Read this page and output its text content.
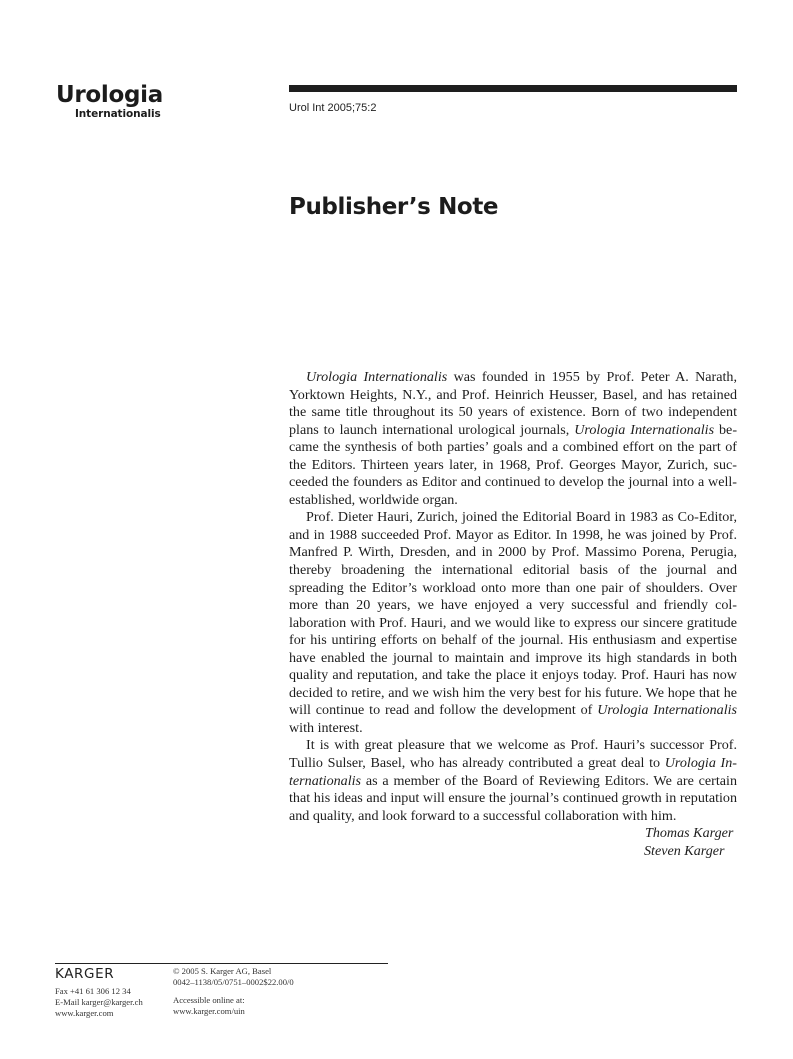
Urologia
Internationalis	Urol Int 2005;75:2
Publisher’s Note

Urologia Internationalis was founded in 1955 by Prof. Peter A. Narath, Yorktown Heights, N.Y., and Prof. Heinrich Heusser, Basel, and has retained the same title throughout its 50 years of existence. Born of two independent plans to launch international urological journals, Urologia Internationalis became the synthesis of both parties’ goals and a combined effort on the part of the Editors. Thirteen years later, in 1968, Prof. Georges Mayor, Zurich, succeeded the founders as Editor and continued to develop the journal into a well-established, worldwide organ.

Prof. Dieter Hauri, Zurich, joined the Editorial Board in 1983 as Co-Editor, and in 1988 succeeded Prof. Mayor as Editor. In 1998, he was joined by Prof. Manfred P. Wirth, Dresden, and in 2000 by Prof. Massimo Porena, Perugia, thereby broadening the international editorial basis of the journal and spreading the Editor’s workload onto more than one pair of shoulders. Over more than 20 years, we have enjoyed a very successful and friendly collaboration with Prof. Hauri, and we would like to express our sincere gratitude for his untiring efforts on behalf of the journal. His enthusiasm and expertise have enabled the journal to maintain and improve its high standards in both quality and reputation, and take the place it enjoys today. Prof. Hauri has now decided to retire, and we wish him the very best for his future. We hope that he will continue to read and follow the development of Urologia Internationalis with interest.

It is with great pleasure that we welcome as Prof. Hauri’s successor Prof. Tullio Sulser, Basel, who has already contributed a great deal to Urologia Internationalis as a member of the Board of Reviewing Editors. We are certain that his ideas and input will ensure the journal’s continued growth in reputation and quality, and look forward to a successful collaboration with him.

Thomas Karger
Steven Karger
KARGER
Fax +41 61 306 12 34
E-Mail karger@karger.ch
www.karger.com
© 2005 S. Karger AG, Basel
0042–1138/05/0751–0002$22.00/0
Accessible online at:
www.karger.com/uin
